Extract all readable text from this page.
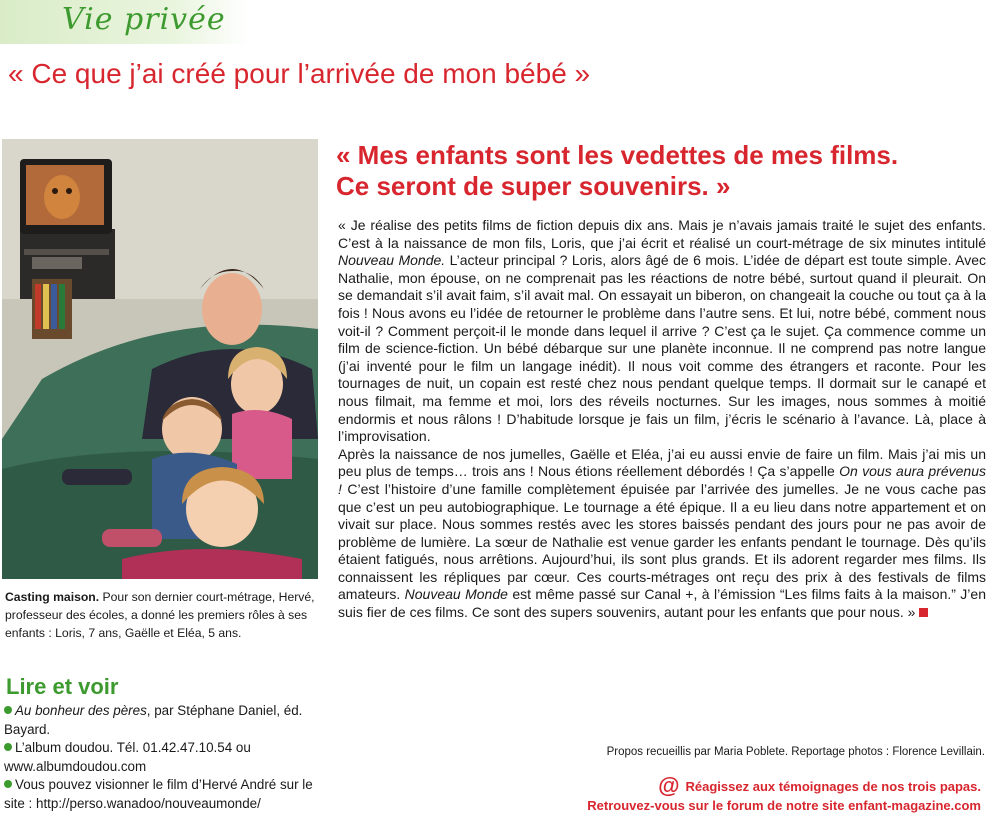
Vie privée
« Ce que j’ai créé pour l’arrivée de mon bébé »
Casting maison. Pour son dernier court-métrage, Hervé, professeur des écoles, a donné les premiers rôles à ses enfants : Loris, 7 ans, Gaëlle et Eléa, 5 ans.
Lire et voir

Au bonheur des pères, par Stéphane Daniel, éd. Bayard.

L’album doudou. Tél. 01.42.47.10.54 ou www.albumdoudou.com

Vous pouvez visionner le film d’Hervé André sur le site : http://perso.wanadoo/nouveaumonde/

« Mes enfants sont les vedettes de mes films.
Ce seront de super souvenirs. »

« Je réalise des petits films de fiction depuis dix ans. Mais je n’avais jamais traité le sujet des enfants. C’est à la naissance de mon fils, Loris, que j’ai écrit et réalisé un court-métrage de six minutes intitulé Nouveau Monde. L’acteur principal ? Loris, alors âgé de 6 mois. L’idée de départ est toute simple. Avec Nathalie, mon épouse, on ne comprenait pas les réactions de notre bébé, surtout quand il pleurait. On se demandait s’il avait faim, s’il avait mal. On essayait un biberon, on changeait la couche ou tout ça à la fois ! Nous avons eu l’idée de retourner le problème dans l’autre sens. Et lui, notre bébé, comment nous voit-il ? Comment perçoit-il le monde dans lequel il arrive ? C’est ça le sujet. Ça commence comme un film de science-fiction. Un bébé débarque sur une planète inconnue. Il ne comprend pas notre langue (j’ai inventé pour le film un langage inédit). Il nous voit comme des étrangers et raconte. Pour les tournages de nuit, un copain est resté chez nous pendant quelque temps. Il dormait sur le canapé et nous filmait, ma femme et moi, lors des réveils nocturnes. Sur les images, nous sommes à moitié endormis et nous râlons ! D’habitude lorsque je fais un film, j’écris le scénario à l’avance. Là, place à l’improvisation.

Après la naissance de nos jumelles, Gaëlle et Eléa, j’ai eu aussi envie de faire un film. Mais j’ai mis un peu plus de temps… trois ans ! Nous étions réellement débordés ! Ça s’appelle On vous aura prévenus ! C’est l’histoire d’une famille complètement épuisée par l’arrivée des jumelles. Je ne vous cache pas que c’est un peu autobiographique. Le tournage a été épique. Il a eu lieu dans notre appartement et on vivait sur place. Nous sommes restés avec les stores baissés pendant des jours pour ne pas avoir de problème de lumière. La sœur de Nathalie est venue garder les enfants pendant le tournage. Dès qu’ils étaient fatigués, nous arrêtions. Aujourd’hui, ils sont plus grands. Et ils adorent regarder mes films. Ils connaissent les répliques par cœur. Ces courts-métrages ont reçu des prix à des festivals de films amateurs. Nouveau Monde est même passé sur Canal +, à l’émission “Les films faits à la maison.” J’en suis fier de ces films. Ce sont des supers souvenirs, autant pour les enfants que pour nous. »

Propos recueillis par Maria Poblete. Reportage photos : Florence Levillain.
@ Réagissez aux témoignages de nos trois papas.
Retrouvez-vous sur le forum de notre site enfant-magazine.com
